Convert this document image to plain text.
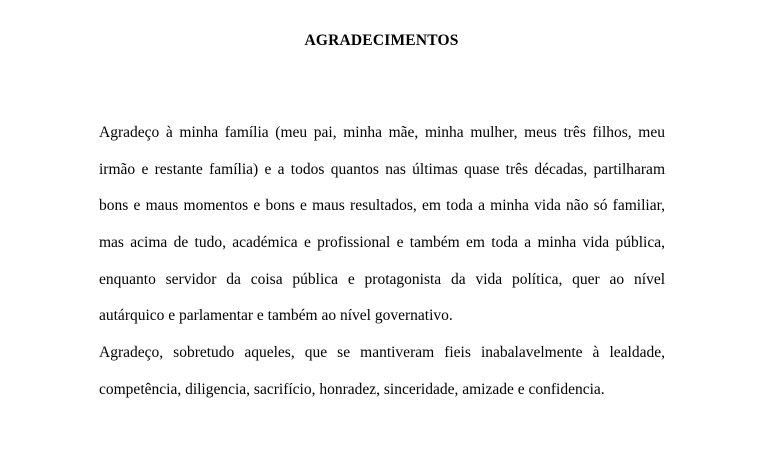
AGRADECIMENTOS

Agradeço à minha família (meu pai, minha mãe, minha mulher, meus três filhos, meu
irmão e restante família) e a todos quantos nas últimas quase três décadas, partilharam
bons e maus momentos e bons e maus resultados, em toda a minha vida não só familiar,
mas acima de tudo, académica e profissional e também em toda a minha vida pública,
enquanto servidor da coisa pública e protagonista da vida política, quer ao nível
autárquico e parlamentar e também ao nível governativo.

Agradeço, sobretudo aqueles, que se mantiveram fieis inabalavelmente à lealdade,
competência, diligencia, sacrifício, honradez, sinceridade, amizade e confidencia.
